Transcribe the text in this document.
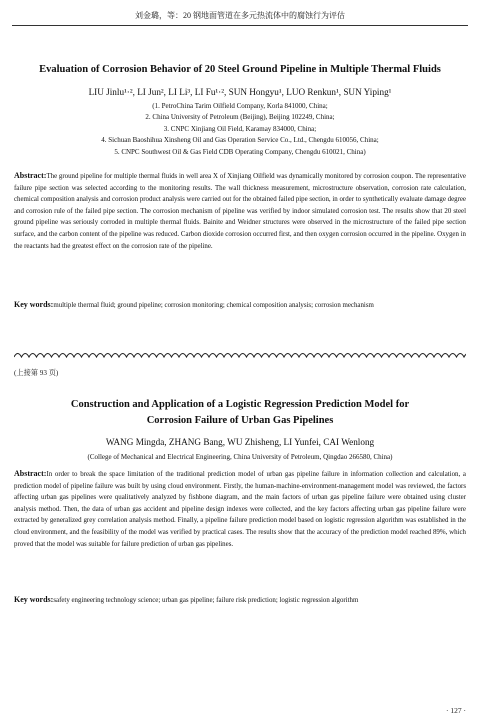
刘金璐，等：20 钢地面管道在多元热流体中的腐蚀行为评估
Evaluation of Corrosion Behavior of 20 Steel Ground Pipeline in Multiple Thermal Fluids
LIU Jinlu¹·², LI Jun², LI Li³, LI Fu¹·², SUN Hongyu¹, LUO Renkun¹, SUN Yiping¹
(1. PetroChina Tarim Oilfield Company, Korla 841000, China;
2. China University of Petroleum (Beijing), Beijing 102249, China;
3. CNPC Xinjiang Oil Field, Karamay 834000, China;
4. Sichuan Baoshihua Xinsheng Oil and Gas Operation Service Co., Ltd., Chengdu 610056, China;
5. CNPC Southwest Oil & Gas Field CDB Operating Company, Chengdu 610021, China)

Abstract:The ground pipeline for multiple thermal fluids in well area X of Xinjiang Oilfield was dynamically monitored by corrosion coupon. The representative failure pipe section was selected according to the monitoring results. The wall thickness measurement, microstructure observation, corrosion rate calculation, chemical composition analysis and corrosion product analysis were carried out for the obtained failed pipe section, in order to synthetically evaluate damage degree and corrosion rule of the failed pipe section. The corrosion mechanism of pipeline was verified by indoor simulated corrosion test. The results show that 20 steel ground pipeline was seriously corroded in multiple thermal fluids. Bainite and Weidner structures were observed in the microstructure of the failed pipe section surface, and the carbon content of the pipeline was reduced. Carbon dioxide corrosion occurred first, and then oxygen corrosion occurred in the pipeline. Oxygen in the reactants had the greatest effect on the corrosion rate of the pipeline.

Key words:multiple thermal fluid; ground pipeline; corrosion monitoring; chemical composition analysis; corrosion mechanism

(上接第 93 页)
Construction and Application of a Logistic Regression Prediction Model for
Corrosion Failure of Urban Gas Pipelines
WANG Mingda, ZHANG Bang, WU Zhisheng, LI Yunfei, CAI Wenlong
(College of Mechanical and Electrical Engineering, China University of Petroleum, Qingdao 266580, China)

Abstract:In order to break the space limitation of the traditional prediction model of urban gas pipeline failure in information collection and calculation, a prediction model of pipeline failure was built by using cloud environment. Firstly, the human-machine-environment-management model was reviewed, the factors affecting urban gas pipelines were qualitatively analyzed by fishbone diagram, and the main factors of urban gas pipeline failure were obtained using cluster analysis method. Then, the data of urban gas accident and pipeline design indexes were collected, and the key factors affecting urban gas pipeline failure were extracted by generalized grey correlation analysis method. Finally, a pipeline failure prediction model based on logistic regression algorithm was established in the cloud environment, and the feasibility of the model was verified by practical cases. The results show that the accuracy of the prediction model reached 89%, which proved that the model was suitable for failure prediction of urban gas pipelines.

Key words:safety engineering technology science; urban gas pipeline; failure risk prediction; logistic regression algorithm

· 127 ·
